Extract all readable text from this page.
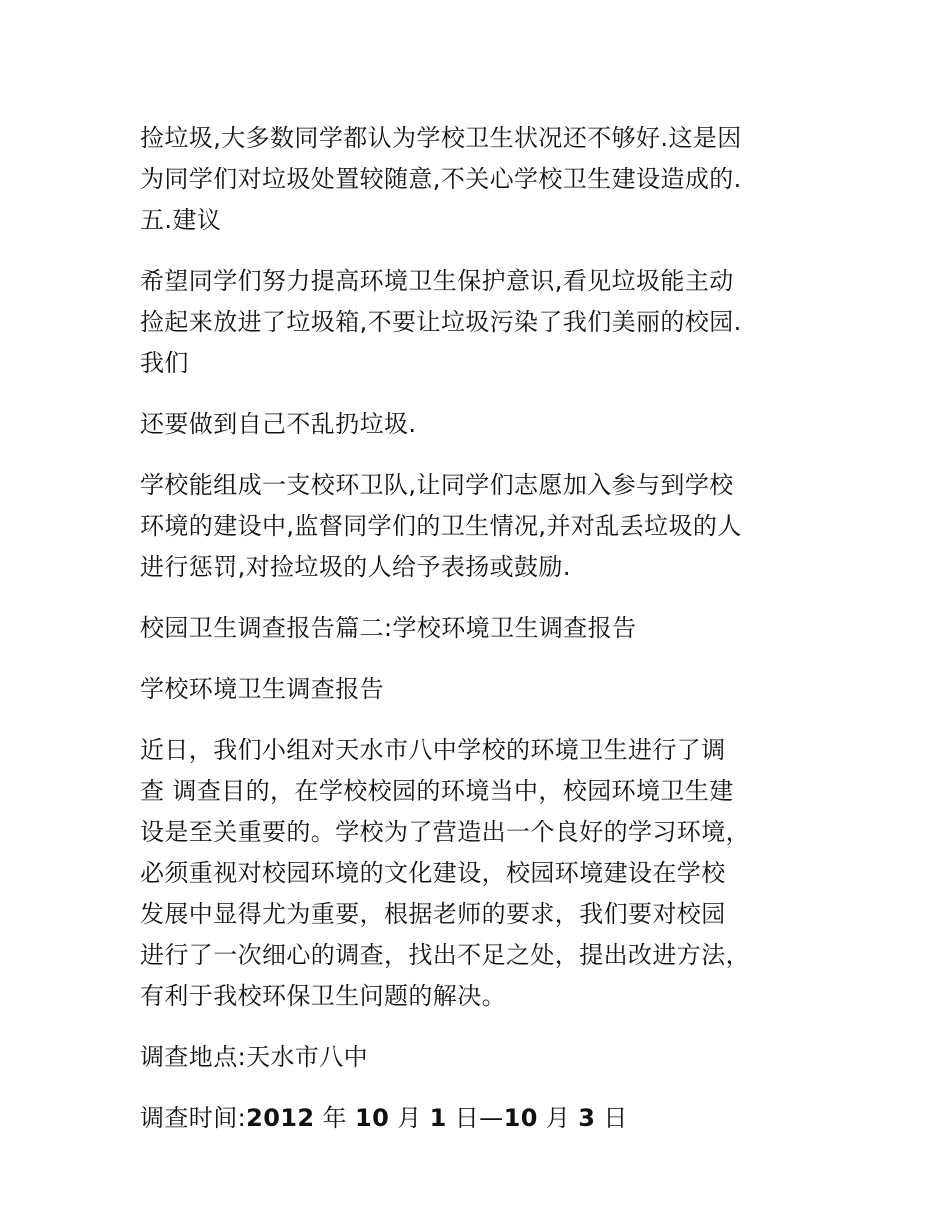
捡垃圾,大多数同学都认为学校卫生状况还不够好.这是因
为同学们对垃圾处置较随意,不关心学校卫生建设造成的.
五.建议

希望同学们努力提高环境卫生保护意识,看见垃圾能主动
捡起来放进了垃圾箱,不要让垃圾污染了我们美丽的校园.
我们

还要做到自己不乱扔垃圾.

学校能组成一支校环卫队,让同学们志愿加入参与到学校
环境的建设中,监督同学们的卫生情况,并对乱丢垃圾的人
进行惩罚,对捡垃圾的人给予表扬或鼓励.

校园卫生调查报告篇二:学校环境卫生调查报告

学校环境卫生调查报告

近日，我们小组对天水市八中学校的环境卫生进行了调
查 调查目的，在学校校园的环境当中，校园环境卫生建
设是至关重要的。学校为了营造出一个良好的学习环境，
必须重视对校园环境的文化建设，校园环境建设在学校
发展中显得尤为重要，根据老师的要求，我们要对校园
进行了一次细心的调查，找出不足之处，提出改进方法，
有利于我校环保卫生问题的解决。

调查地点:天水市八中

调查时间:2012 年 10 月 1 日—10 月 3 日
